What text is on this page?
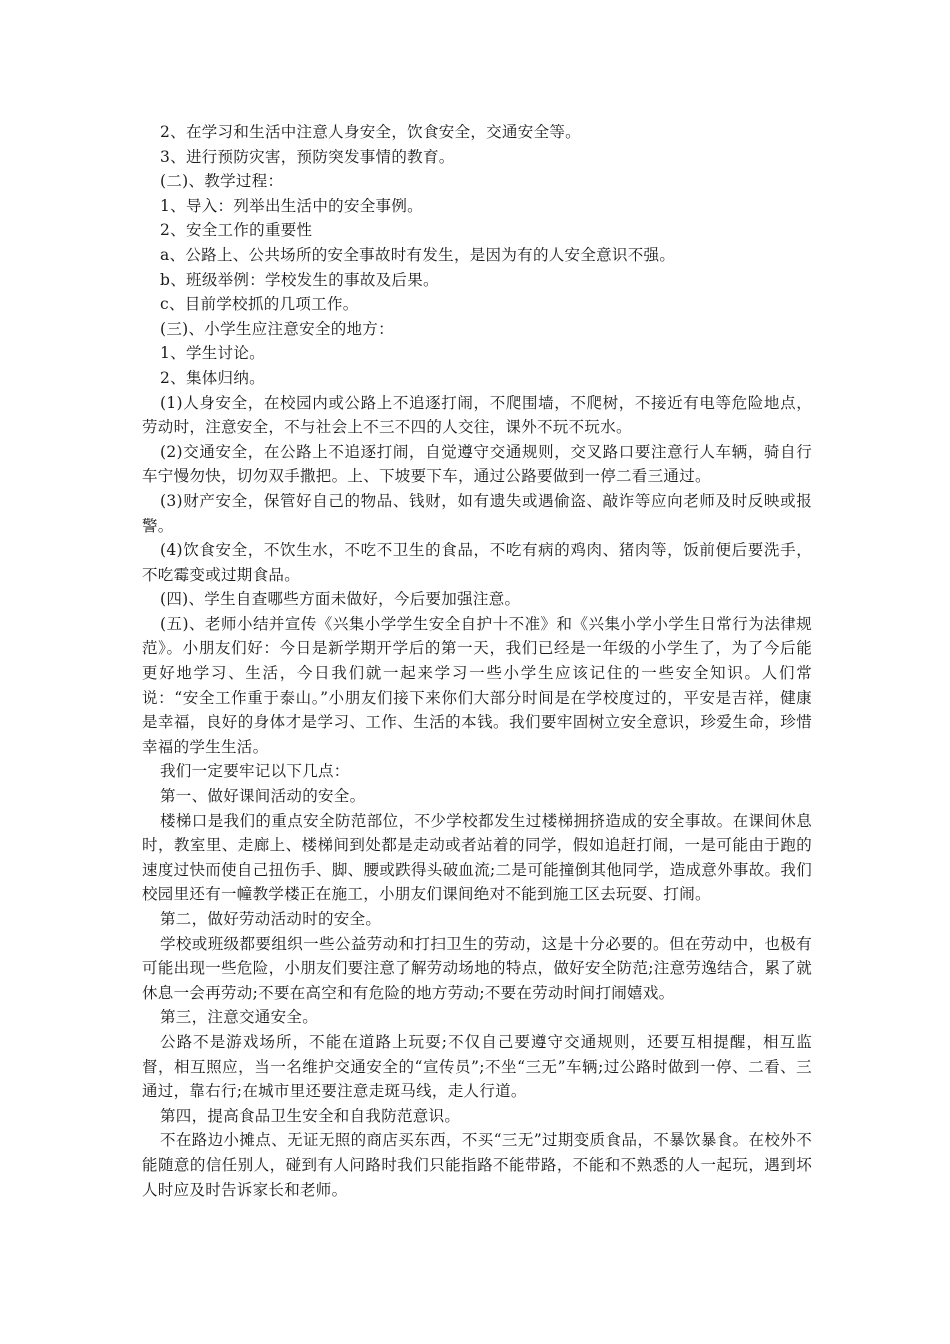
2、在学习和生活中注意人身安全，饮食安全，交通安全等。

3、进行预防灾害，预防突发事情的教育。

(二)、教学过程：

1、导入：列举出生活中的安全事例。

2、安全工作的重要性

a、公路上、公共场所的安全事故时有发生，是因为有的人安全意识不强。

b、班级举例：学校发生的事故及后果。

c、目前学校抓的几项工作。

(三)、小学生应注意安全的地方：

1、学生讨论。

2、集体归纳。

(1)人身安全，在校园内或公路上不追逐打闹，不爬围墙，不爬树，不接近有电等危险地点，劳动时，注意安全，不与社会上不三不四的人交往，课外不玩不玩水。

(2)交通安全，在公路上不追逐打闹，自觉遵守交通规则，交叉路口要注意行人车辆，骑自行车宁慢勿快，切勿双手撒把。上、下坡要下车，通过公路要做到一停二看三通过。

(3)财产安全，保管好自己的物品、钱财，如有遗失或遇偷盗、敲诈等应向老师及时反映或报警。

(4)饮食安全，不饮生水，不吃不卫生的食品，不吃有病的鸡肉、猪肉等，饭前便后要洗手，不吃霉变或过期食品。

(四)、学生自查哪些方面未做好，今后要加强注意。

(五)、老师小结并宣传《兴集小学学生安全自护十不准》和《兴集小学小学生日常行为法律规范》。小朋友们好：今日是新学期开学后的第一天，我们已经是一年级的小学生了，为了今后能更好地学习、生活，今日我们就一起来学习一些小学生应该记住的一些安全知识。人们常说：“安全工作重于泰山。”小朋友们接下来你们大部分时间是在学校度过的，平安是吉祥，健康是幸福，良好的身体才是学习、工作、生活的本钱。我们要牢固树立安全意识，珍爱生命，珍惜幸福的学生生活。

我们一定要牢记以下几点：

第一、做好课间活动的安全。

楼梯口是我们的重点安全防范部位，不少学校都发生过楼梯拥挤造成的安全事故。在课间休息时，教室里、走廊上、楼梯间到处都是走动或者站着的同学，假如追赶打闹，一是可能由于跑的速度过快而使自己扭伤手、脚、腰或跌得头破血流;二是可能撞倒其他同学，造成意外事故。我们校园里还有一幢教学楼正在施工，小朋友们课间绝对不能到施工区去玩耍、打闹。

第二，做好劳动活动时的安全。

学校或班级都要组织一些公益劳动和打扫卫生的劳动，这是十分必要的。但在劳动中，也极有可能出现一些危险，小朋友们要注意了解劳动场地的特点，做好安全防范;注意劳逸结合，累了就休息一会再劳动;不要在高空和有危险的地方劳动;不要在劳动时间打闹嬉戏。

第三，注意交通安全。

公路不是游戏场所，不能在道路上玩耍;不仅自己要遵守交通规则，还要互相提醒，相互监督，相互照应，当一名维护交通安全的“宣传员”;不坐“三无”车辆;过公路时做到一停、二看、三通过，靠右行;在城市里还要注意走斑马线，走人行道。

第四，提高食品卫生安全和自我防范意识。

不在路边小摊点、无证无照的商店买东西，不买“三无”过期变质食品，不暴饮暴食。在校外不能随意的信任别人，碰到有人问路时我们只能指路不能带路，不能和不熟悉的人一起玩，遇到坏人时应及时告诉家长和老师。
